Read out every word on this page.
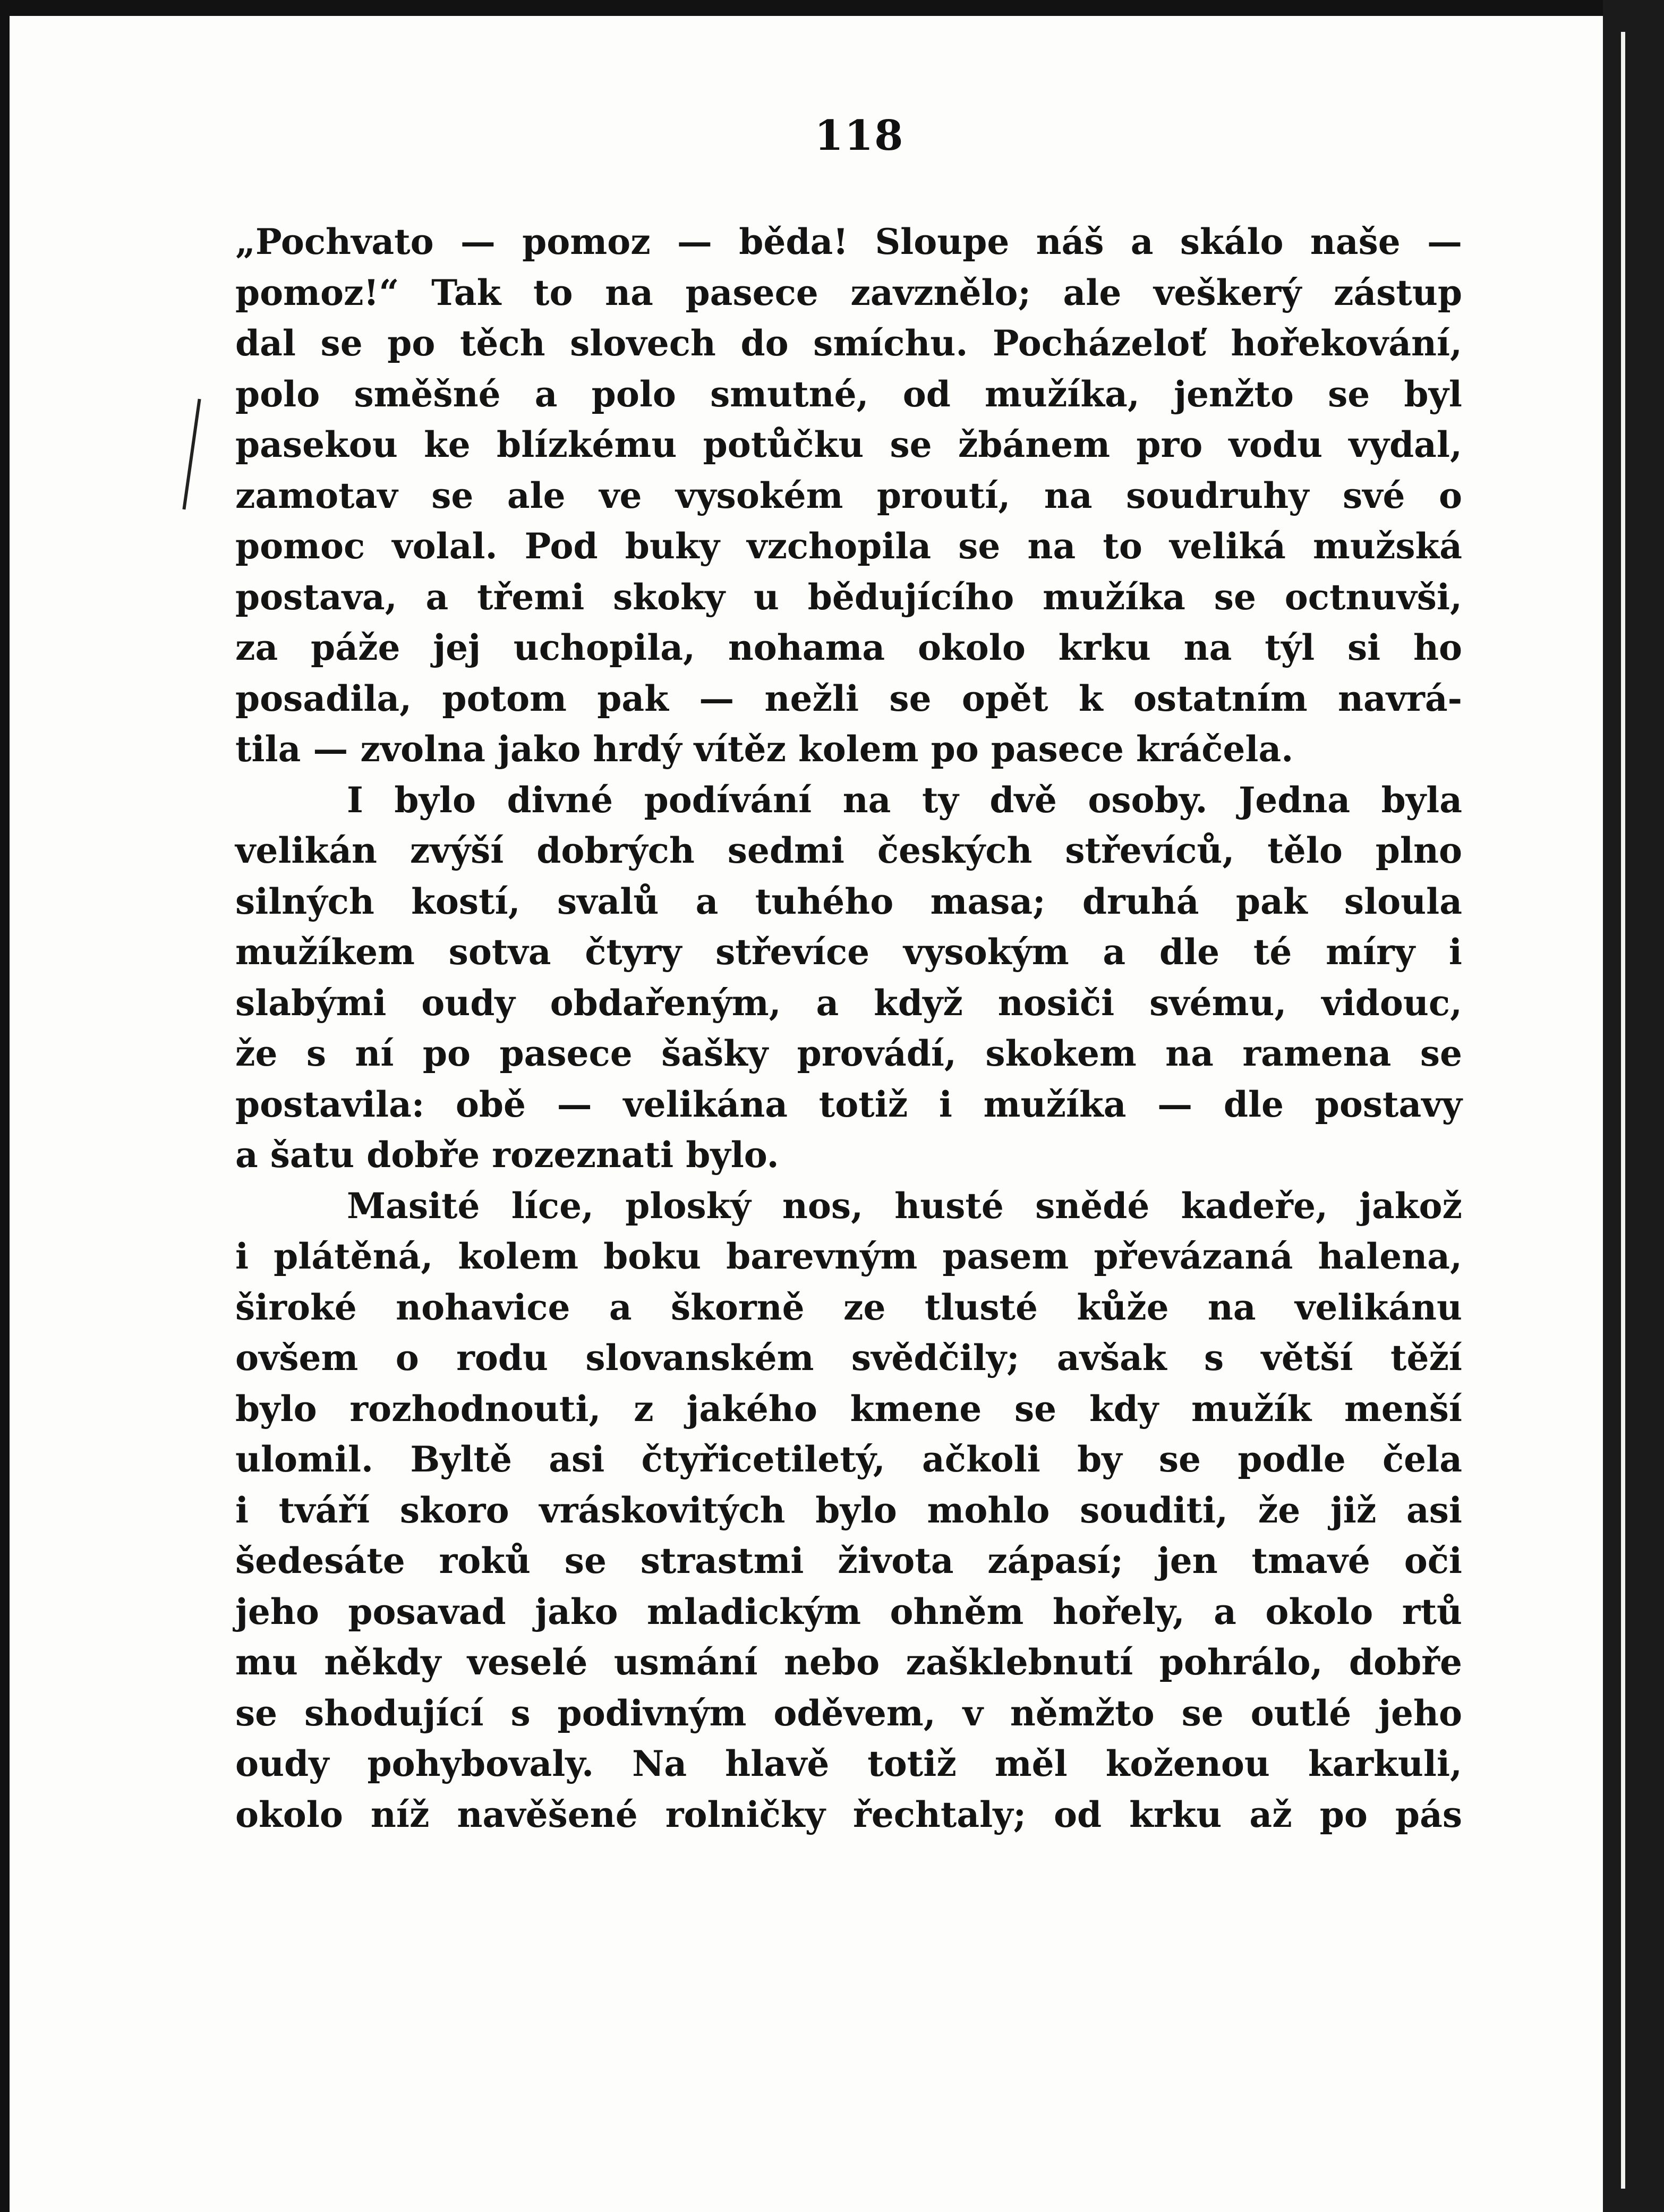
118
„Pochvato — pomoz — běda! Sloupe náš a skálo naše —
pomoz!“ Tak to na pasece zavznělo; ale veškerý zástup
dal se po těch slovech do smíchu. Pocházeloť hořekování,
polo směšné a polo smutné, od mužíka, jenžto se byl
pasekou ke blízkému potůčku se žbánem pro vodu vydal,
zamotav se ale ve vysokém proutí, na soudruhy své o
pomoc volal. Pod buky vzchopila se na to veliká mužská
postava, a třemi skoky u bědujícího mužíka se octnuvši,
za páže jej uchopila, nohama okolo krku na týl si ho
posadila, potom pak — nežli se opět k ostatním navrá-
tila — zvolna jako hrdý vítěz kolem po pasece kráčela.
I bylo divné podívání na ty dvě osoby. Jedna byla
velikán zvýší dobrých sedmi českých střevíců, tělo plno
silných kostí, svalů a tuhého masa; druhá pak sloula
mužíkem sotva čtyry střevíce vysokým a dle té míry i
slabými oudy obdařeným, a když nosiči svému, vidouc,
že s ní po pasece šašky provádí, skokem na ramena se
postavila: obě — velikána totiž i mužíka — dle postavy
a šatu dobře rozeznati bylo.
Masité líce, ploský nos, husté snědé kadeře, jakož
i plátěná, kolem boku barevným pasem převázaná halena,
široké nohavice a škorně ze tlusté kůže na velikánu
ovšem o rodu slovanském svědčily; avšak s větší těží
bylo rozhodnouti, z jakého kmene se kdy mužík menší
ulomil. Byltě asi čtyřicetiletý, ačkoli by se podle čela
i tváří skoro vráskovitých bylo mohlo souditi, že již asi
šedesáte roků se strastmi života zápasí; jen tmavé oči
jeho posavad jako mladickým ohněm hořely, a okolo rtů
mu někdy veselé usmání nebo zašklebnutí pohrálo, dobře
se shodující s podivným oděvem, v němžto se outlé jeho
oudy pohybovaly. Na hlavě totiž měl koženou karkuli,
okolo níž navěšené rolničky řechtaly; od krku až po pás
